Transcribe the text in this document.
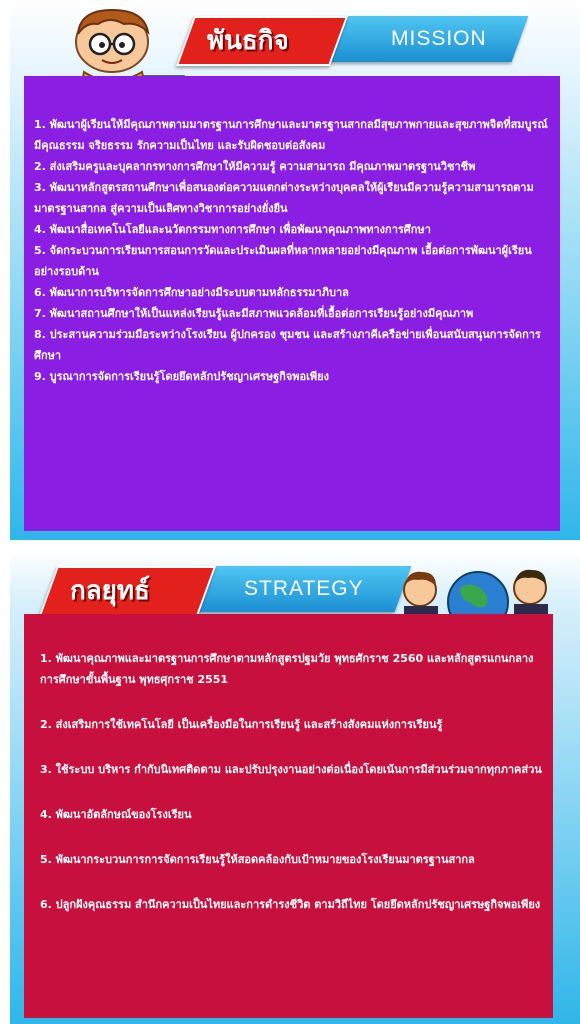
พันธกิจ	MISSION
1. พัฒนาผู้เรียนให้มีคุณภาพตามมาตรฐานการศึกษาและมาตรฐานสากลมีสุขภาพกายและสุขภาพจิตที่สมบูรณ์ มีคุณธรรม จริยธรรม รักความเป็นไทย และรับผิดชอบต่อสังคม
2. ส่งเสริมครูและบุคลากรทางการศึกษาให้มีความรู้ ความสามารถ มีคุณภาพมาตรฐานวิชาชีพ
3. พัฒนาหลักสูตรสถานศึกษาเพื่อสนองต่อความแตกต่างระหว่างบุคคลให้ผู้เรียนมีความรู้ความสามารถตามมาตรฐานสากล สู่ความเป็นเลิศทางวิชาการอย่างยั่งยืน
4. พัฒนาสื่อเทคโนโลยีและนวัตกรรมทางการศึกษา เพื่อพัฒนาคุณภาพทางการศึกษา
5. จัดกระบวนการเรียนการสอนการวัดและประเมินผลที่หลากหลายอย่างมีคุณภาพ เอื้อต่อการพัฒนาผู้เรียนอย่างรอบด้าน
6. พัฒนาการบริหารจัดการศึกษาอย่างมีระบบตามหลักธรรมาภิบาล
7. พัฒนาสถานศึกษาให้เป็นแหล่งเรียนรู้และมีสภาพแวดล้อมที่เอื้อต่อการเรียนรู้อย่างมีคุณภาพ
8. ประสานความร่วมมือระหว่างโรงเรียน ผู้ปกครอง ชุมชน และสร้างภาคีเครือข่ายเพื่อนสนับสนุนการจัดการศึกษา
9. บูรณาการจัดการเรียนรู้โดยยึดหลักปรัชญาเศรษฐกิจพอเพียง
กลยุทธ์	STRATEGY
1. พัฒนาคุณภาพและมาตรฐานการศึกษาตามหลักสูตรปฐมวัย พุทธศักราช 2560 และหลักสูตรแกนกลางการศึกษาขั้นพื้นฐาน พุทธศุกราช 2551
2. ส่งเสริมการใช้เทคโนโลยี เป็นเครื่องมือในการเรียนรู้ และสร้างสังคมแห่งการเรียนรู้
3. ใช้ระบบ บริหาร กำกับนิเทศติดตาม และปรับปรุงงานอย่างต่อเนื่องโดยเน้นการมีส่วนร่วมจากทุกภาคส่วน
4. พัฒนาอัตลักษณ์ของโรงเรียน
5. พัฒนากระบวนการการจัดการเรียนรู้ให้สอดคล้องกับเป้าหมายของโรงเรียนมาตรฐานสากล
6. ปลูกฝังคุณธรรม สำนึกความเป็นไทยและการดำรงชีวิต ตามวิถีไทย โดยยึดหลักปรัชญาเศรษฐกิจพอเพียง
